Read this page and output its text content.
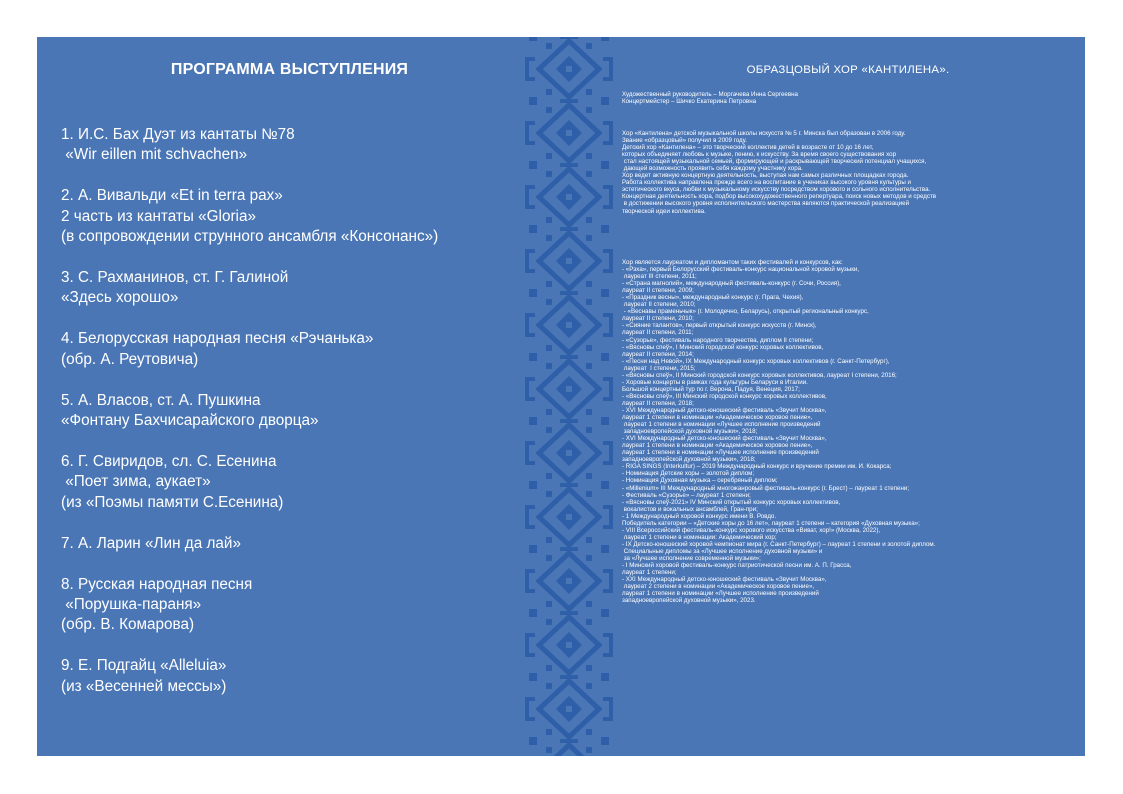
ПРОГРАММА ВЫСТУПЛЕНИЯ
1. И.С. Бах Дуэт из кантаты №78
«Wir eillen mit schvachen»
2. А. Вивальди «Et in terra pax»
2 часть из кантаты «Gloria»
(в сопровождении струнного ансамбля «Консонанс»)
3. С. Рахманинов, ст. Г. Галиной
«Здесь хорошо»
4. Белорусская народная песня «Рэчанька»
(обр. А. Реутовича)
5. А. Власов, ст. А. Пушкина
«Фонтану Бахчисарайского дворца»
6. Г. Свиридов, сл. С. Есенина
«Поет зима, аукает»
(из «Поэмы памяти С.Есенина)
7. А. Ларин «Лин да лай»
8. Русская народная песня
«Порушка-параня»
(обр. В. Комарова)
9. Е. Подгайц «Alleluia»
(из «Весенней мессы»)
ОБРАЗЦОВЫЙ ХОР «КАНТИЛЕНА».
Художественный руководитель – Моргачева Инна Сергеевна
Концертмейстер – Шичко Екатерина Петровна
Хор «Кантилена» детской музыкальной школы искусств № 5 г. Минска был образован в 2006 году.
Звание «образцовый» получил в 2009 году.
Детский хор «Кантилена» – это творческий коллектив детей в возрасте от 10 до 16 лет,
которых объединяет любовь к музыке, пению, к искусству. За время своего существования хор
стал настоящей музыкальной семьей, формирующей и раскрывающей творческий потенциал учащихся,
дающей возможность проявить себя каждому участнику хора.
Хор ведет активную концертную деятельность, выступая нам самых различных площадках города.
Работа коллектива направлена прежде всего на воспитание в учениках высокого уровня культуры и
эстетического вкуса, любви к музыкальному искусству посредством хорового и сольного исполнительства.
Концертная деятельность хора, подбор высокохудожественного репертуара, поиск новых методов и средств
в достижении высокого уровня исполнительского мастерства являются практической реализацией
творческой идеи коллектива.
Хор является лауреатом и дипломантом таких фестивалей и конкурсов, как:
- «Рэха», первый Белорусский фестиваль-конкурс национальной хоровой музыки,
лауреат III степени, 2011;
- «Страна магнолий», международный фестиваль-конкурс (г. Сочи, Россия),
лауреат II степени, 2009;
- «Праздник весны», международный конкурс (г. Прага, Чехия),
лауреат II степени, 2010;
- «Веснавы праменьчык» (г. Молодечно, Беларусь), открытый региональный конкурс,
лауреат II степени, 2010;
- «Сияние талантов», первый открытый конкурс искусств (г. Минск),
лауреат II степени, 2011;
- «Сузорье», фестиваль народного творчества, диплом II степени;
- «Вясновы спеў», I Минский городской конкурс хоровых коллективов,
лауреат II степени, 2014;
- «Песни над Невой», IX Международный конкурс хоровых коллективов (г. Санкт-Петербург),
лауреат  I степени, 2015;
- «Вясновы спеў», II Минский городской конкурс хоровых коллективов, лауреат I степени, 2016;
- Хоровые концерты в рамках года культуры Беларуси в Италии.
Большой концертный тур по г. Верона, Падуя, Венеция, 2017;
- «Вясновы спеў», III Минский городской конкурс хоровых коллективов,
лауреат II степени, 2018;
- XVI Международный детско-юношеский фестиваль «Звучит Москва»,
лауреат 1 степени в номинации «Академическое хоровое пение»,
лауреат 1 степени в номинации «Лучшее исполнение произведений
западноевропейской духовной музыки», 2018;
- XVI Международный детско-юношеский фестиваль «Звучит Москва»,
лауреат 1 степени в номинации «Академическое хоровое пение»,
лауреат 1 степени в номинации «Лучшее исполнение произведений
западноевропейской духовной музыки», 2018;
- RIGA SINGS (Interkultur) – 2019 Международный конкурс и вручение премии им. И. Кокарса;
- Номинация Детские хоры – золотой диплом;
- Номинация Духовная музыка – серебряный диплом;
- «Millenium» III Международный многожанровый фестиваль-конкурс (г. Брест) – лауреат 1 степени;
- Фестиваль «Сузорье» – лауреат 1 степени;
- «Вясновы спеў-2021» IV Минский открытый конкурс хоровых коллективов,
вокалистов и вокальных ансамблей, Гран-при;
- 1 Международный хоровой конкурс имени В. Ровдо.
Победитель категории – «Детские хоры до 16 лет», лауреат 1 степени – категория «Духовная музыка»;
- VIII Всероссийский фестиваль-конкурс хорового искусства «Виват, хор!» (Москва, 2022),
лауреат 1 степени в номинации: Академический хор;
- IX Детско-юношеский хоровой чемпионат мира (г. Санкт-Петербург) – лауреат 1 степени и золотой диплом.
Специальные дипломы за «Лучшее исполнение духовной музыки» и
за «Лучшее исполнение современной музыки»;
- I Минский хоровой фестиваль-конкурс патриотической песни им. А. П. Грасса,
лауреат 1 степени;
- XXI Международный детско-юношеский фестиваль «Звучит Москва»,
лауреат 2 степени в номинации «Академическое хоровое пение»,
лауреат 1 степени в номинации «Лучшее исполнение произведений
западноевропейской духовной музыки», 2023.
